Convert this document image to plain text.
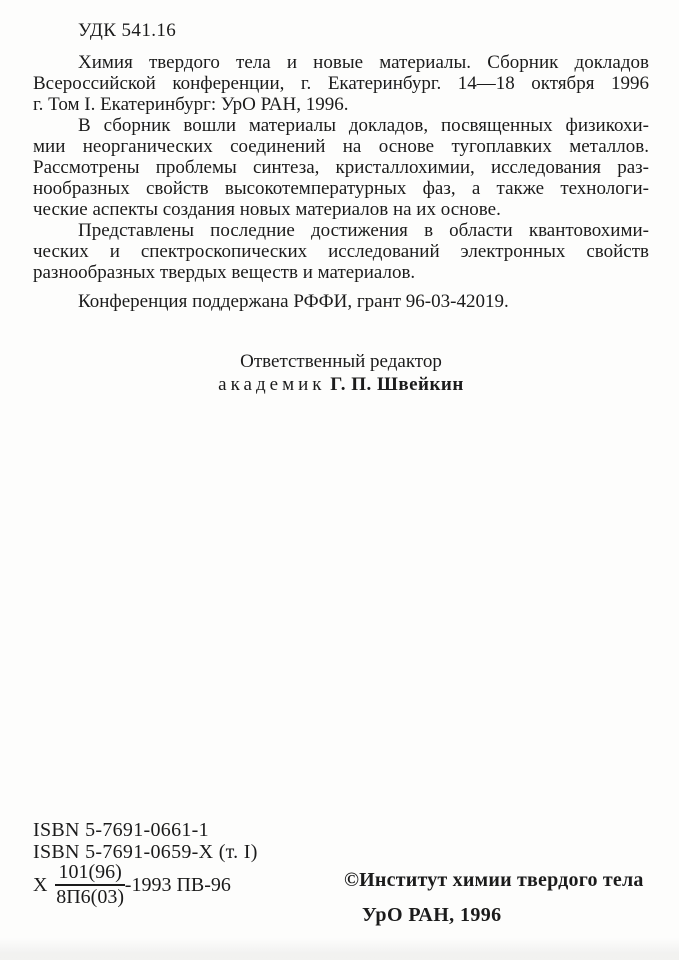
УДК 541.16

Химия твердого тела и новые материалы. Сборник докладов
Всероссийской конференции, г. Екатеринбург. 14—18 октября 1996
г. Том I. Екатеринбург: УрО РАН, 1996.

В сборник вошли материалы докладов, посвященных физикохи-
мии неорганических соединений на основе тугоплавких металлов.
Рассмотрены проблемы синтеза, кристаллохимии, исследования раз-
нообразных свойств высокотемпературных фаз, а также технологи-
ческие аспекты создания новых материалов на их основе.

Представлены последние достижения в области квантовохими-
ческих и спектроскопических исследований электронных свойств
разнообразных твердых веществ и материалов.

Конференция поддержана РФФИ, грант 96-03-42019.

Ответственный редактор
академик Г. П. Швейкин
ISBN 5-7691-0661-1
ISBN 5-7691-0659-X (т. I)
Х $\frac{101(96)}{8П6(03)} -1993$ ПВ-96	©Институт химии твердого тела
УрО РАН, 1996
